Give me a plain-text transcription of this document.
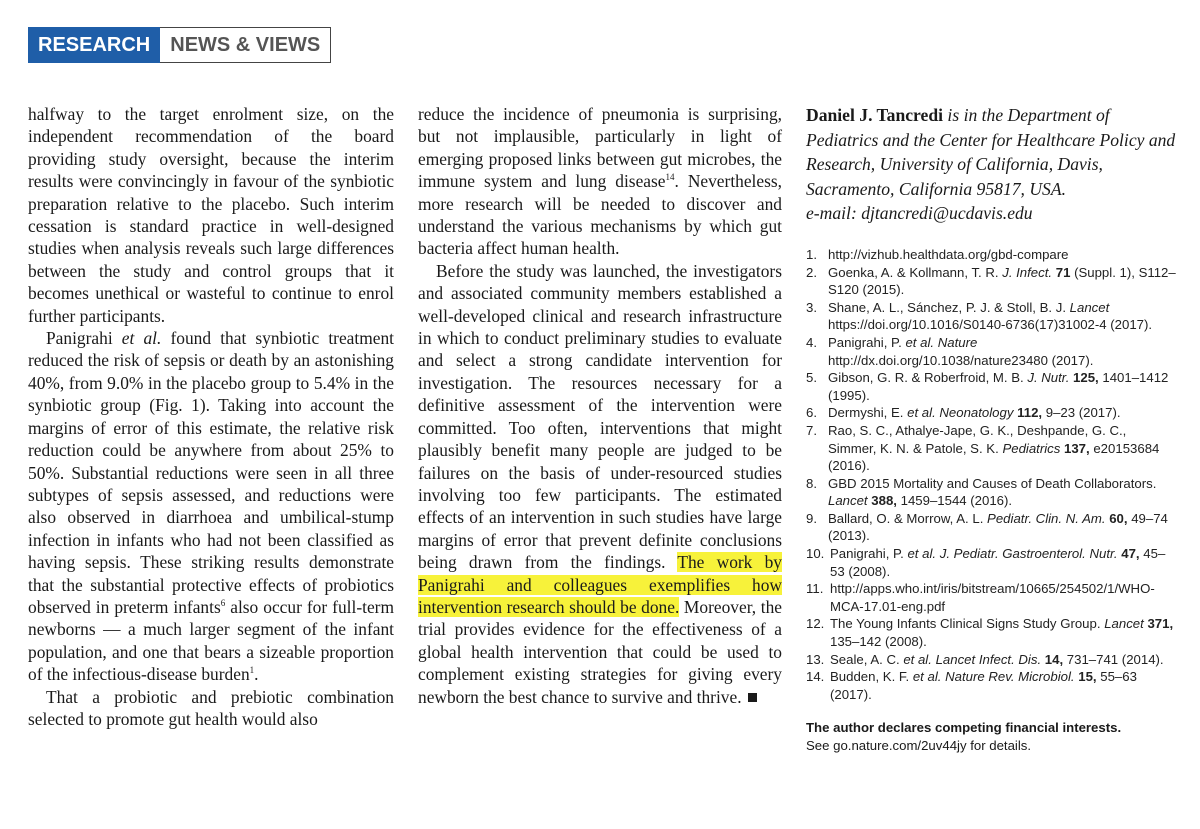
RESEARCH	NEWS & VIEWS

halfway to the target enrolment size, on the independent recommendation of the board providing study oversight, because the interim results were convincingly in favour of the synbiotic preparation relative to the placebo. Such interim cessation is standard practice in well-designed studies when analysis reveals such large differences between the study and control groups that it becomes unethical or wasteful to continue to enrol further participants.

Panigrahi et al. found that synbiotic treatment reduced the risk of sepsis or death by an astonishing 40%, from 9.0% in the placebo group to 5.4% in the synbiotic group (Fig. 1). Taking into account the margins of error of this estimate, the relative risk reduction could be anywhere from about 25% to 50%. Substantial reductions were seen in all three subtypes of sepsis assessed, and reductions were also observed in diarrhoea and umbilical-stump infection in infants who had not been classified as having sepsis. These striking results demonstrate that the substantial protective effects of probiotics observed in preterm infants$^6$ also occur for full-term newborns — a much larger segment of the infant population, and one that bears a sizeable proportion of the infectious-disease burden$^1$.

That a probiotic and prebiotic combination selected to promote gut health would also

reduce the incidence of pneumonia is surprising, but not implausible, particularly in light of emerging proposed links between gut microbes, the immune system and lung disease$^{14}$. Nevertheless, more research will be needed to discover and understand the various mechanisms by which gut bacteria affect human health.

Before the study was launched, the investigators and associated community members established a well-developed clinical and research infrastructure in which to conduct preliminary studies to evaluate and select a strong candidate intervention for investigation. The resources necessary for a definitive assessment of the intervention were committed. Too often, interventions that might plausibly benefit many people are judged to be failures on the basis of under-resourced studies involving too few participants. The estimated effects of an intervention in such studies have large margins of error that prevent definite conclusions being drawn from the findings. The work by Panigrahi and colleagues exemplifies how intervention research should be done. Moreover, the trial provides evidence for the effectiveness of a global health intervention that could be used to complement existing strategies for giving every newborn the best chance to survive and thrive.

Daniel J. Tancredi is in the Department of Pediatrics and the Center for Healthcare Policy and Research, University of California, Davis, Sacramento, California 95817, USA.
e-mail: djtancredi@ucdavis.edu

1. http://vizhub.healthdata.org/gbd-compare
2. Goenka, A. & Kollmann, T. R. J. Infect. 71 (Suppl. 1), S112–S120 (2015).
3. Shane, A. L., Sánchez, P. J. & Stoll, B. J. Lancet https://doi.org/10.1016/S0140-6736(17)31002-4 (2017).
4. Panigrahi, P. et al. Nature http://dx.doi.org/10.1038/nature23480 (2017).
5. Gibson, G. R. & Roberfroid, M. B. J. Nutr. 125, 1401–1412 (1995).
6. Dermyshi, E. et al. Neonatology 112, 9–23 (2017).
7. Rao, S. C., Athalye-Jape, G. K., Deshpande, G. C., Simmer, K. N. & Patole, S. K. Pediatrics 137, e20153684 (2016).
8. GBD 2015 Mortality and Causes of Death Collaborators. Lancet 388, 1459–1544 (2016).
9. Ballard, O. & Morrow, A. L. Pediatr. Clin. N. Am. 60, 49–74 (2013).
10. Panigrahi, P. et al. J. Pediatr. Gastroenterol. Nutr. 47, 45–53 (2008).
11. http://apps.who.int/iris/bitstream/10665/254502/1/WHO-MCA-17.01-eng.pdf
12. The Young Infants Clinical Signs Study Group. Lancet 371, 135–142 (2008).
13. Seale, A. C. et al. Lancet Infect. Dis. 14, 731–741 (2014).
14. Budden, K. F. et al. Nature Rev. Microbiol. 15, 55–63 (2017).
The author declares competing financial interests.
See go.nature.com/2uv44jy for details.
